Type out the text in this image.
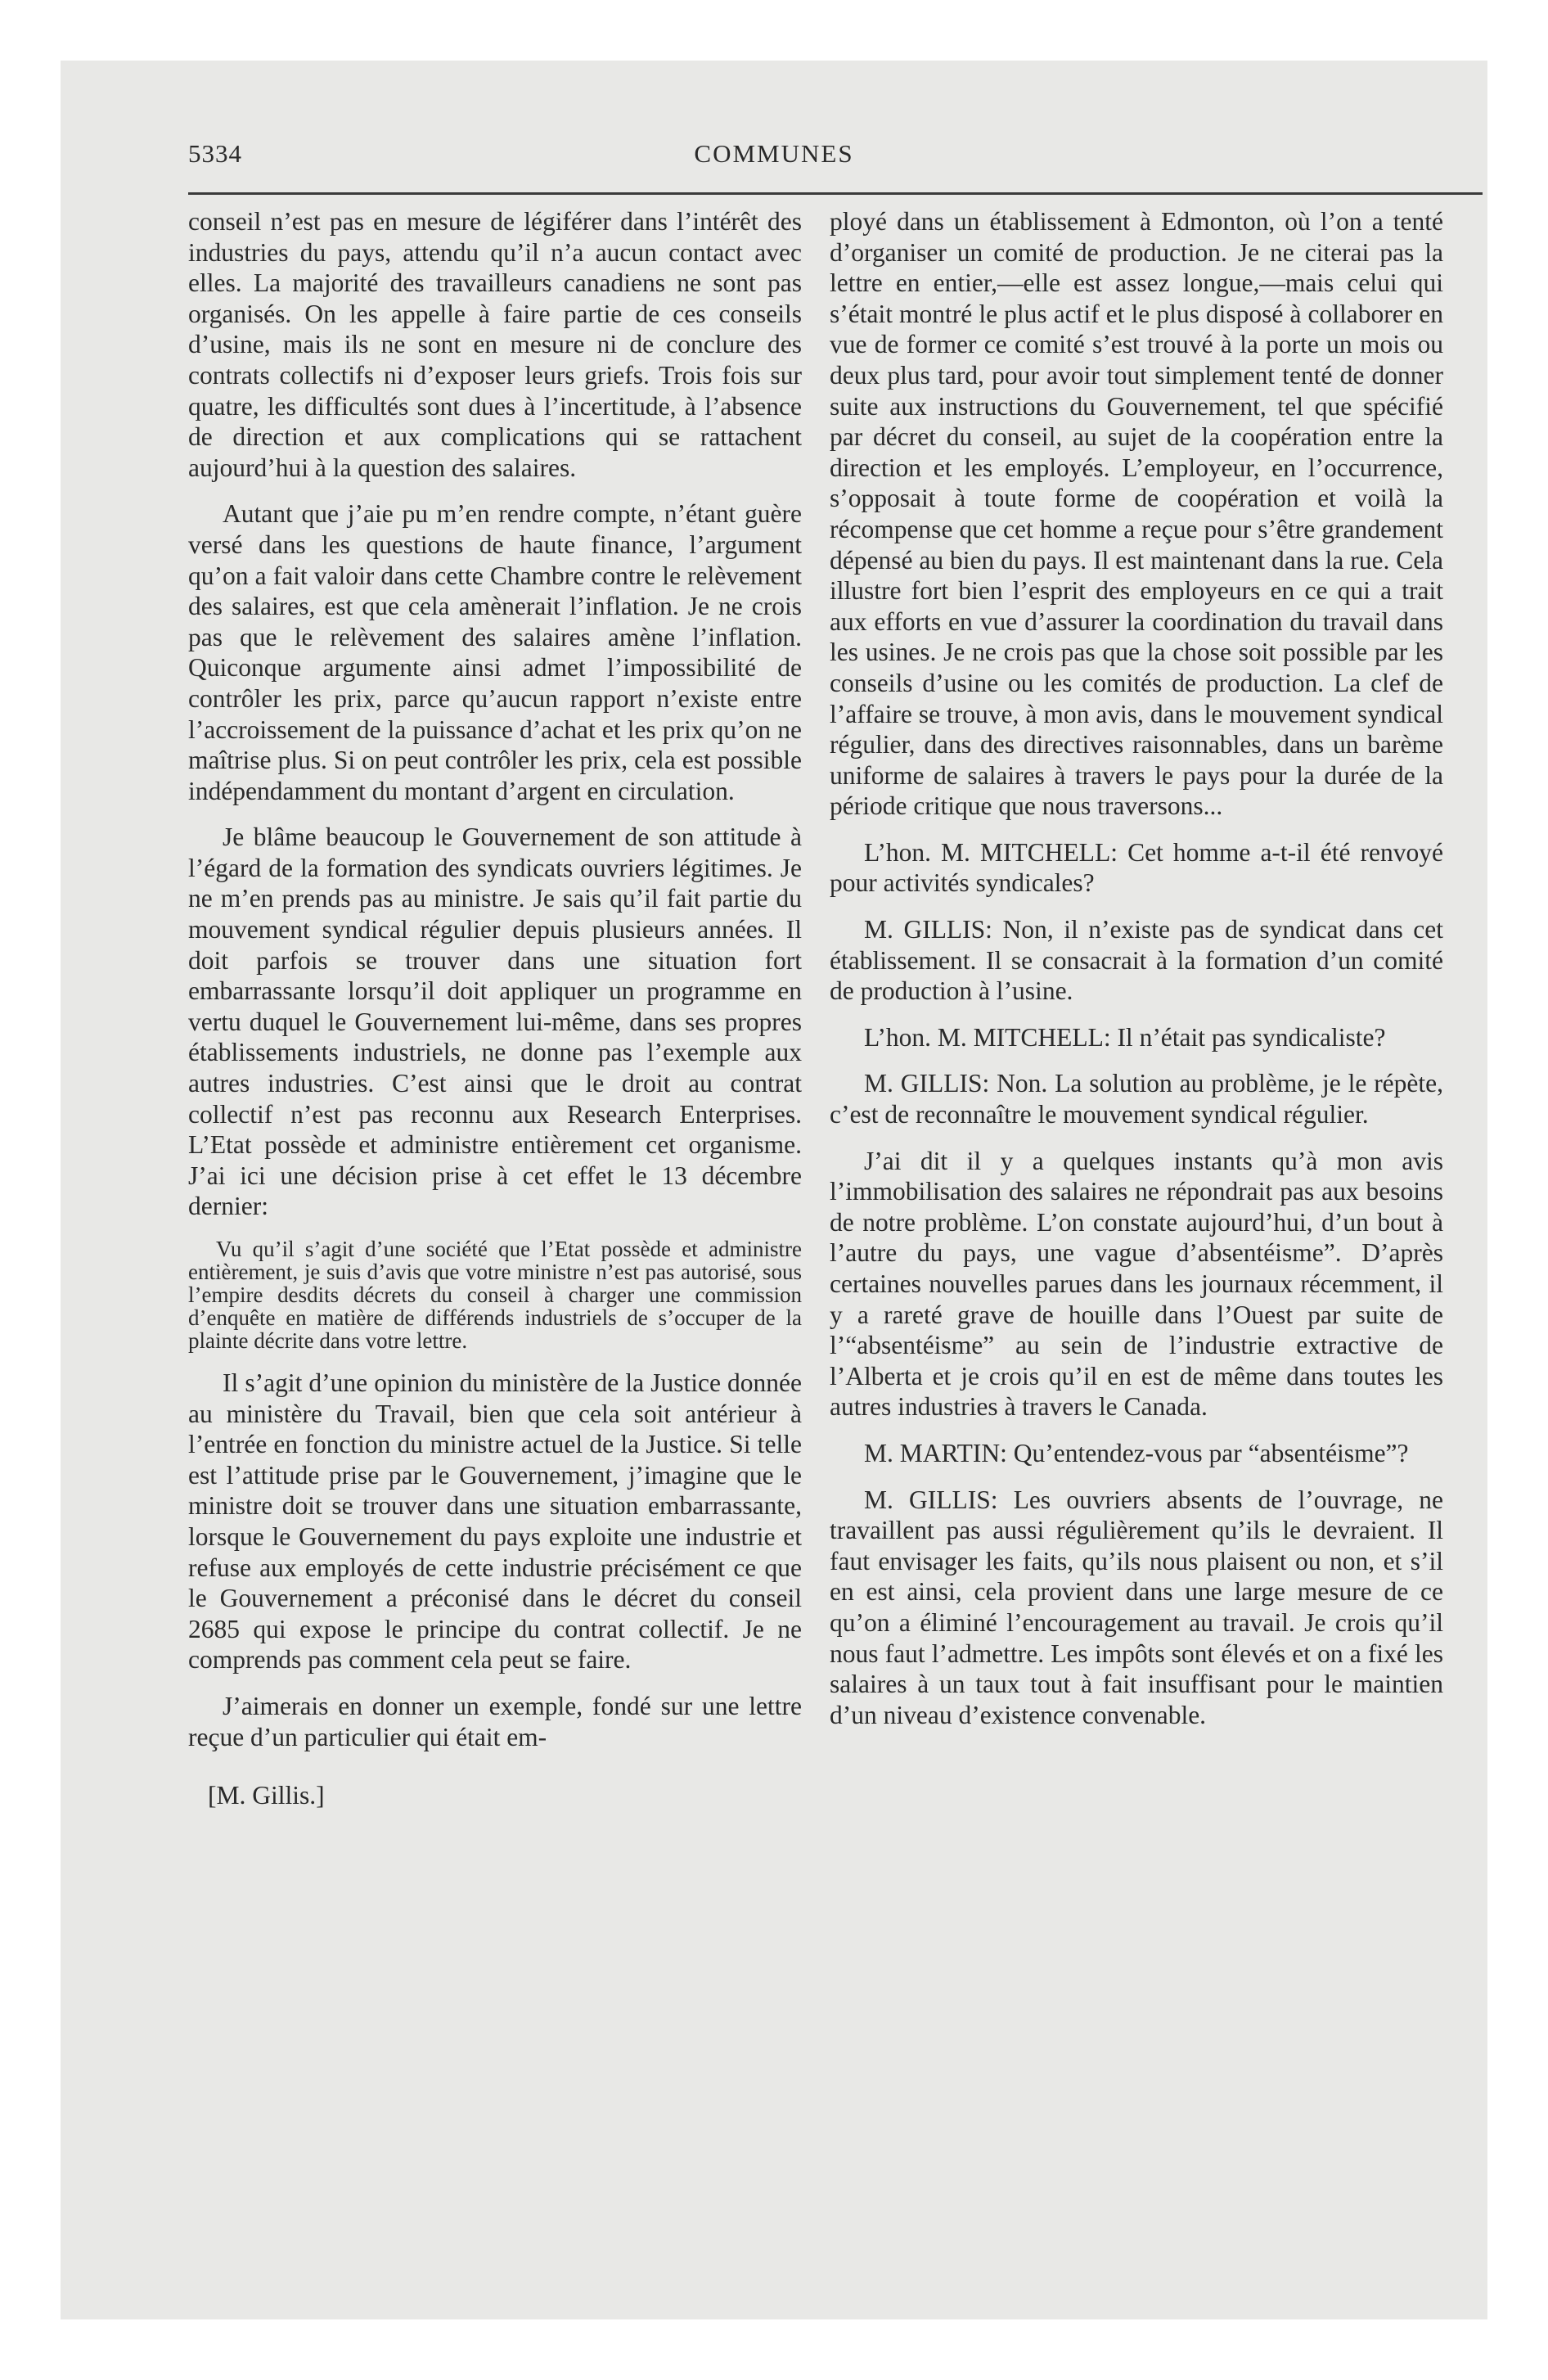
5334	COMMUNES

conseil n’est pas en mesure de légiférer dans l’intérêt des industries du pays, attendu qu’il n’a aucun contact avec elles. La majorité des travailleurs canadiens ne sont pas organisés. On les appelle à faire partie de ces conseils d’usine, mais ils ne sont en mesure ni de conclure des contrats collectifs ni d’exposer leurs griefs. Trois fois sur quatre, les difficultés sont dues à l’incertitude, à l’absence de direction et aux complications qui se rattachent aujourd’hui à la question des salaires.

Autant que j’aie pu m’en rendre compte, n’étant guère versé dans les questions de haute finance, l’argument qu’on a fait valoir dans cette Chambre contre le relèvement des salaires, est que cela amènerait l’inflation. Je ne crois pas que le relèvement des salaires amène l’inflation. Quiconque argumente ainsi admet l’impossibilité de contrôler les prix, parce qu’aucun rapport n’existe entre l’accroissement de la puissance d’achat et les prix qu’on ne maîtrise plus. Si on peut contrôler les prix, cela est possible indépendamment du montant d’argent en circulation.

Je blâme beaucoup le Gouvernement de son attitude à l’égard de la formation des syndicats ouvriers légitimes. Je ne m’en prends pas au ministre. Je sais qu’il fait partie du mouvement syndical régulier depuis plusieurs années. Il doit parfois se trouver dans une situation fort embarrassante lorsqu’il doit appliquer un programme en vertu duquel le Gouvernement lui-même, dans ses propres établissements industriels, ne donne pas l’exemple aux autres industries. C’est ainsi que le droit au contrat collectif n’est pas reconnu aux Research Enterprises. L’Etat possède et administre entièrement cet organisme. J’ai ici une décision prise à cet effet le 13 décembre dernier:

Vu qu’il s’agit d’une société que l’Etat possède et administre entièrement, je suis d’avis que votre ministre n’est pas autorisé, sous l’empire desdits décrets du conseil à charger une commission d’enquête en matière de différends industriels de s’occuper de la plainte décrite dans votre lettre.

Il s’agit d’une opinion du ministère de la Justice donnée au ministère du Travail, bien que cela soit antérieur à l’entrée en fonction du ministre actuel de la Justice. Si telle est l’attitude prise par le Gouvernement, j’imagine que le ministre doit se trouver dans une situation embarrassante, lorsque le Gouvernement du pays exploite une industrie et refuse aux employés de cette industrie précisément ce que le Gouvernement a préconisé dans le décret du conseil 2685 qui expose le principe du contrat collectif. Je ne comprends pas comment cela peut se faire.

J’aimerais en donner un exemple, fondé sur une lettre reçue d’un particulier qui était em-

[M. Gillis.]

ployé dans un établissement à Edmonton, où l’on a tenté d’organiser un comité de production. Je ne citerai pas la lettre en entier,—elle est assez longue,—mais celui qui s’était montré le plus actif et le plus disposé à collaborer en vue de former ce comité s’est trouvé à la porte un mois ou deux plus tard, pour avoir tout simplement tenté de donner suite aux instructions du Gouvernement, tel que spécifié par décret du conseil, au sujet de la coopération entre la direction et les employés. L’employeur, en l’occurrence, s’opposait à toute forme de coopération et voilà la récompense que cet homme a reçue pour s’être grandement dépensé au bien du pays. Il est maintenant dans la rue. Cela illustre fort bien l’esprit des employeurs en ce qui a trait aux efforts en vue d’assurer la coordination du travail dans les usines. Je ne crois pas que la chose soit possible par les conseils d’usine ou les comités de production. La clef de l’affaire se trouve, à mon avis, dans le mouvement syndical régulier, dans des directives raisonnables, dans un barème uniforme de salaires à travers le pays pour la durée de la période critique que nous traversons...

L’hon. M. MITCHELL: Cet homme a-t-il été renvoyé pour activités syndicales?

M. GILLIS: Non, il n’existe pas de syndicat dans cet établissement. Il se consacrait à la formation d’un comité de production à l’usine.

L’hon. M. MITCHELL: Il n’était pas syndicaliste?

M. GILLIS: Non. La solution au problème, je le répète, c’est de reconnaître le mouvement syndical régulier.

J’ai dit il y a quelques instants qu’à mon avis l’immobilisation des salaires ne répondrait pas aux besoins de notre problème. L’on constate aujourd’hui, d’un bout à l’autre du pays, une vague d’absentéisme”. D’après certaines nouvelles parues dans les journaux récemment, il y a rareté grave de houille dans l’Ouest par suite de l’“absentéisme” au sein de l’industrie extractive de l’Alberta et je crois qu’il en est de même dans toutes les autres industries à travers le Canada.

M. MARTIN: Qu’entendez-vous par “absentéisme”?

M. GILLIS: Les ouvriers absents de l’ouvrage, ne travaillent pas aussi régulièrement qu’ils le devraient. Il faut envisager les faits, qu’ils nous plaisent ou non, et s’il en est ainsi, cela provient dans une large mesure de ce qu’on a éliminé l’encouragement au travail. Je crois qu’il nous faut l’admettre. Les impôts sont élevés et on a fixé les salaires à un taux tout à fait insuffisant pour le maintien d’un niveau d’existence convenable.
